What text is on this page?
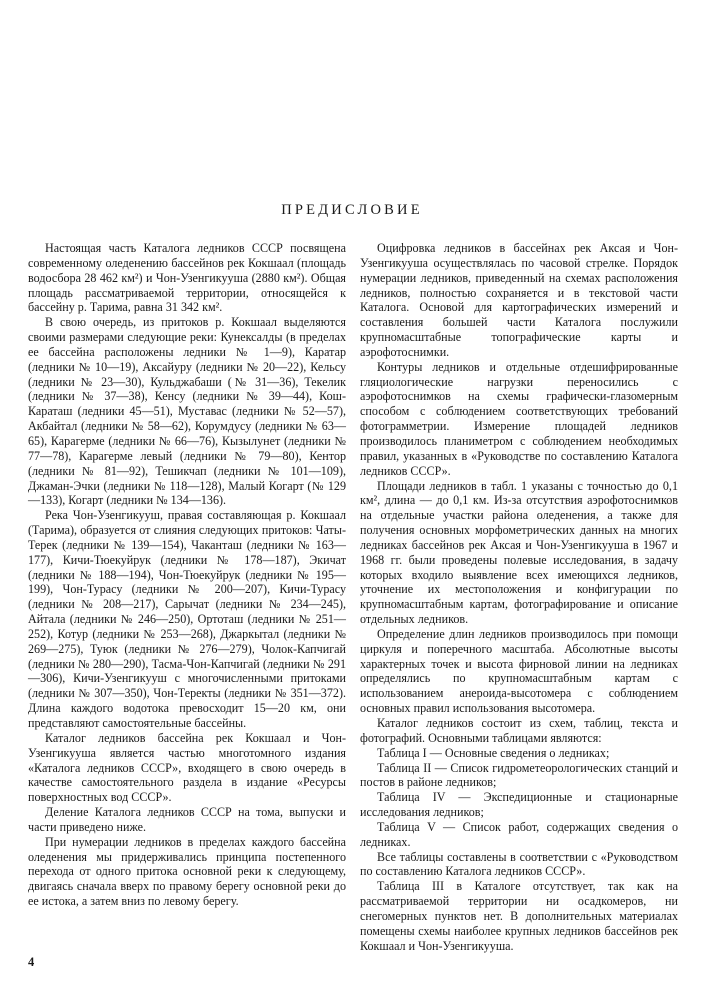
ПРЕДИСЛОВИЕ

Настоящая часть Каталога ледников СССР посвящена современному оледенению бассейнов рек Кокшаал (площадь водосбора 28 462 км²) и Чон-Узенгикууша (2880 км²). Общая площадь рассматриваемой территории, относящейся к бассейну р. Тарима, равна 31 342 км².

В свою очередь, из притоков р. Кокшаал выделяются своими размерами следующие реки: Кунексалды (в пределах ее бассейна расположены ледники № 1—9), Каратар (ледники № 10—19), Аксайуру (ледники № 20—22), Кельсу (ледники № 23—30), Кульджабаши (№ 31—36), Текелик (ледники № 37—38), Кенсу (ледники № 39—44), Кош-Караташ (ледники 45—51), Муставас (ледники № 52—57), Акбайтал (ледники № 58—62), Корумдусу (ледники № 63—65), Карагерме (ледники № 66—76), Кызылунет (ледники № 77—78), Карагерме левый (ледники № 79—80), Кентор (ледники № 81—92), Тешикчап (ледники № 101—109), Джаман-Эчки (ледники № 118—128), Малый Когарт (№ 129—133), Когарт (ледники № 134—136).

Река Чон-Узенгикууш, правая составляющая р. Кокшаал (Тарима), образуется от слияния следующих притоков: Чаты-Терек (ледники № 139—154), Чаканташ (ледники № 163—177), Кичи-Тюекуйрук (ледники № 178—187), Экичат (ледники № 188—194), Чон-Тюекуйрук (ледники № 195—199), Чон-Турасу (ледники № 200—207), Кичи-Турасу (ледники № 208—217), Сарычат (ледники № 234—245), Айтала (ледники № 246—250), Ортоташ (ледники № 251—252), Котур (ледники № 253—268), Джаркытал (ледники № 269—275), Туюк (ледники № 276—279), Чолок-Капчигай (ледники № 280—290), Тасма-Чон-Капчигай (ледники № 291—306), Кичи-Узенгикууш с многочисленными притоками (ледники № 307—350), Чон-Теректы (ледники № 351—372). Длина каждого водотока превосходит 15—20 км, они представляют самостоятельные бассейны.

Каталог ледников бассейна рек Кокшаал и Чон-Узенгикууша является частью многотомного издания «Каталога ледников СССР», входящего в свою очередь в качестве самостоятельного раздела в издание «Ресурсы поверхностных вод СССР».

Деление Каталога ледников СССР на тома, выпуски и части приведено ниже.

При нумерации ледников в пределах каждого бассейна оледенения мы придерживались принципа постепенного перехода от одного притока основной реки к следующему, двигаясь сначала вверх по правому берегу основной реки до ее истока, а затем вниз по левому берегу.

Оцифровка ледников в бассейнах рек Аксая и Чон-Узенгикууша осуществлялась по часовой стрелке. Порядок нумерации ледников, приведенный на схемах расположения ледников, полностью сохраняется и в текстовой части Каталога. Основой для картографических измерений и составления большей части Каталога послужили крупномасштабные топографические карты и аэрофотоснимки.

Контуры ледников и отдельные отдешифрированные гляциологические нагрузки переносились с аэрофотоснимков на схемы графически-глазомерным способом с соблюдением соответствующих требований фотограмметрии. Измерение площадей ледников производилось планиметром с соблюдением необходимых правил, указанных в «Руководстве по составлению Каталога ледников СССР».

Площади ледников в табл. 1 указаны с точностью до 0,1 км², длина — до 0,1 км. Из-за отсутствия аэрофотоснимков на отдельные участки района оледенения, а также для получения основных морфометрических данных на многих ледниках бассейнов рек Аксая и Чон-Узенгикууша в 1967 и 1968 гг. были проведены полевые исследования, в задачу которых входило выявление всех имеющихся ледников, уточнение их местоположения и конфигурации по крупномасштабным картам, фотографирование и описание отдельных ледников.

Определение длин ледников производилось при помощи циркуля и поперечного масштаба. Абсолютные высоты характерных точек и высота фирновой линии на ледниках определялись по крупномасштабным картам с использованием анероида-высотомера с соблюдением основных правил использования высотомера.

Каталог ледников состоит из схем, таблиц, текста и фотографий. Основными таблицами являются:

Таблица I — Основные сведения о ледниках;

Таблица II — Список гидрометеорологических станций и постов в районе ледников;

Таблица IV — Экспедиционные и стационарные исследования ледников;

Таблица V — Список работ, содержащих сведения о ледниках.

Все таблицы составлены в соответствии с «Руководством по составлению Каталога ледников СССР».

Таблица III в Каталоге отсутствует, так как на рассматриваемой территории ни осадкомеров, ни снегомерных пунктов нет. В дополнительных материалах помещены схемы наиболее крупных ледников бассейнов рек Кокшаал и Чон-Узенгикууша.

4
